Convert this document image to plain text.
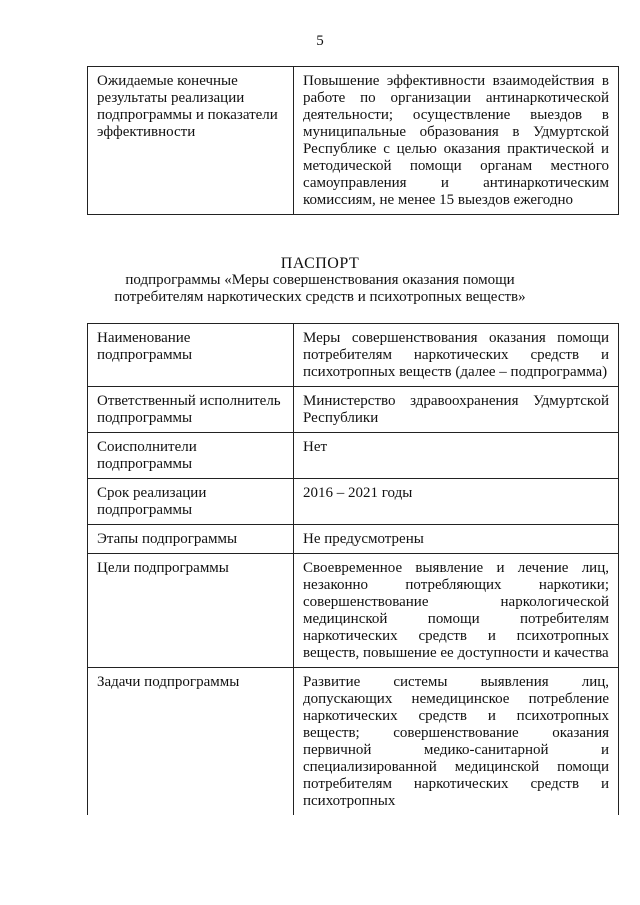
5
Ожидаемые конечные результаты реализации подпрограммы и показатели эффективности	Повышение эффективности взаимодействия в работе по организации антинаркотической деятельности; осуществление выездов в муниципальные образования в Удмуртской Республике с целью оказания практической и методической помощи органам местного самоуправления и антинаркотическим комиссиям, не менее 15 выездов ежегодно
ПАСПОРТ
подпрограммы «Меры совершенствования оказания помощи
потребителям наркотических средств и психотропных веществ»
Наименование подпрограммы	Меры совершенствования оказания помощи потребителям наркотических средств и психотропных веществ (далее – подпрограмма)
Ответственный исполнитель подпрограммы	Министерство здравоохранения Удмуртской Республики
Соисполнители подпрограммы	Нет
Срок реализации подпрограммы	2016 – 2021 годы
Этапы подпрограммы	Не предусмотрены
Цели подпрограммы	Своевременное выявление и лечение лиц, незаконно потребляющих наркотики; совершенствование наркологической медицинской помощи потребителям наркотических средств и психотропных веществ, повышение ее доступности и качества
Задачи подпрограммы	Развитие системы выявления лиц, допускающих немедицинское потребление наркотических средств и психотропных веществ; совершенствование оказания первичной медико-санитарной и специализированной медицинской помощи потребителям наркотических средств и психотропных
